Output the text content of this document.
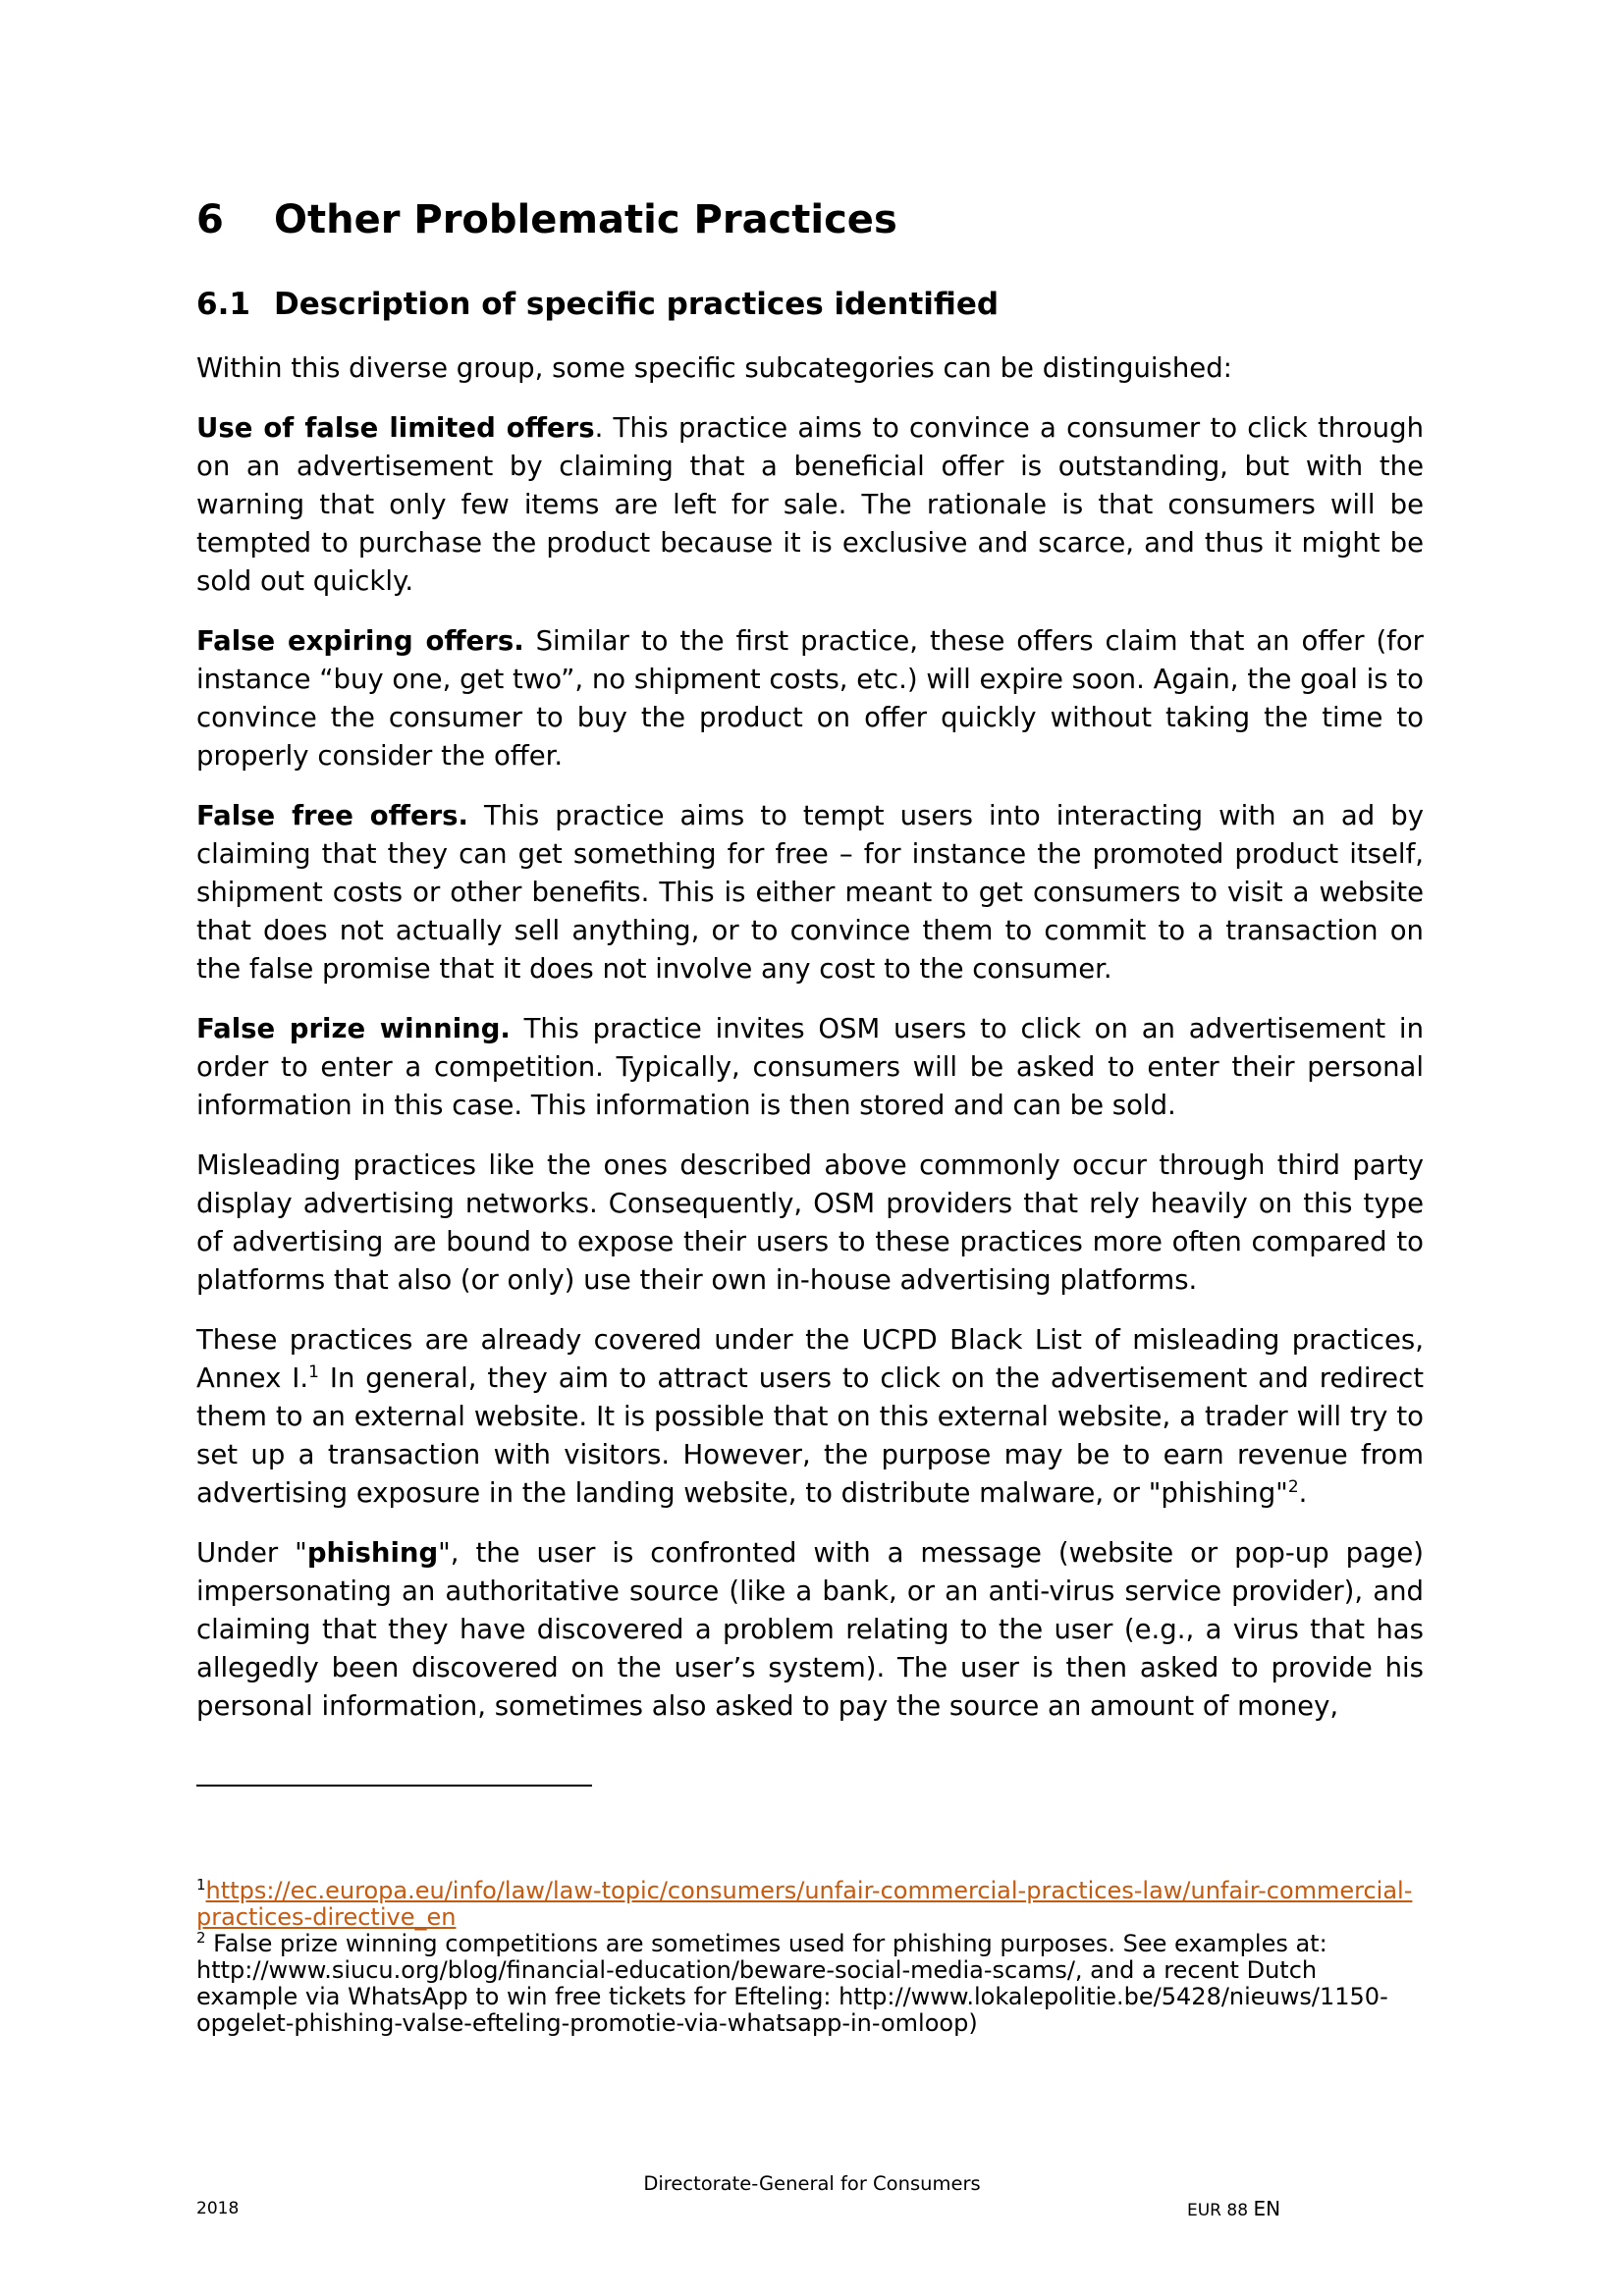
6 Other Problematic Practices
6.1 Description of specific practices identified

Within this diverse group, some specific subcategories can be distinguished:

Use of false limited offers. This practice aims to convince a consumer to click through on an advertisement by claiming that a beneficial offer is outstanding, but with the warning that only few items are left for sale. The rationale is that consumers will be tempted to purchase the product because it is exclusive and scarce, and thus it might be sold out quickly.

False expiring offers. Similar to the first practice, these offers claim that an offer (for instance “buy one, get two”, no shipment costs, etc.) will expire soon. Again, the goal is to convince the consumer to buy the product on offer quickly without taking the time to properly consider the offer.

False free offers. This practice aims to tempt users into interacting with an ad by claiming that they can get something for free – for instance the promoted product itself, shipment costs or other benefits. This is either meant to get consumers to visit a website that does not actually sell anything, or to convince them to commit to a transaction on the false promise that it does not involve any cost to the consumer.

False prize winning. This practice invites OSM users to click on an advertisement in order to enter a competition. Typically, consumers will be asked to enter their personal information in this case. This information is then stored and can be sold.

Misleading practices like the ones described above commonly occur through third party display advertising networks. Consequently, OSM providers that rely heavily on this type of advertising are bound to expose their users to these practices more often compared to platforms that also (or only) use their own in-house advertising platforms.

These practices are already covered under the UCPD Black List of misleading practices, Annex I.$^1$ In general, they aim to attract users to click on the advertisement and redirect them to an external website. It is possible that on this external website, a trader will try to set up a transaction with visitors. However, the purpose may be to earn revenue from advertising exposure in the landing website, to distribute malware, or "phishing"$^2$.

Under "phishing", the user is confronted with a message (website or pop-up page) impersonating an authoritative source (like a bank, or an anti-virus service provider), and claiming that they have discovered a problem relating to the user (e.g., a virus that has allegedly been discovered on the user’s system). The user is then asked to provide his personal information, sometimes also asked to pay the source an amount of money,

$^1$https://ec.europa.eu/info/law/law-topic/consumers/unfair-commercial-practices-law/unfair-commercial-practices-directive_en

$^2$ False prize winning competitions are sometimes used for phishing purposes. See examples at: http://www.siucu.org/blog/financial-education/beware-social-media-scams/, and a recent Dutch example via WhatsApp to win free tickets for Efteling: http://www.lokalepolitie.be/5428/nieuws/1150-opgelet-phishing-valse-efteling-promotie-via-whatsapp-in-omloop)

Directorate-General for Consumers
2018	EUR 88 EN
